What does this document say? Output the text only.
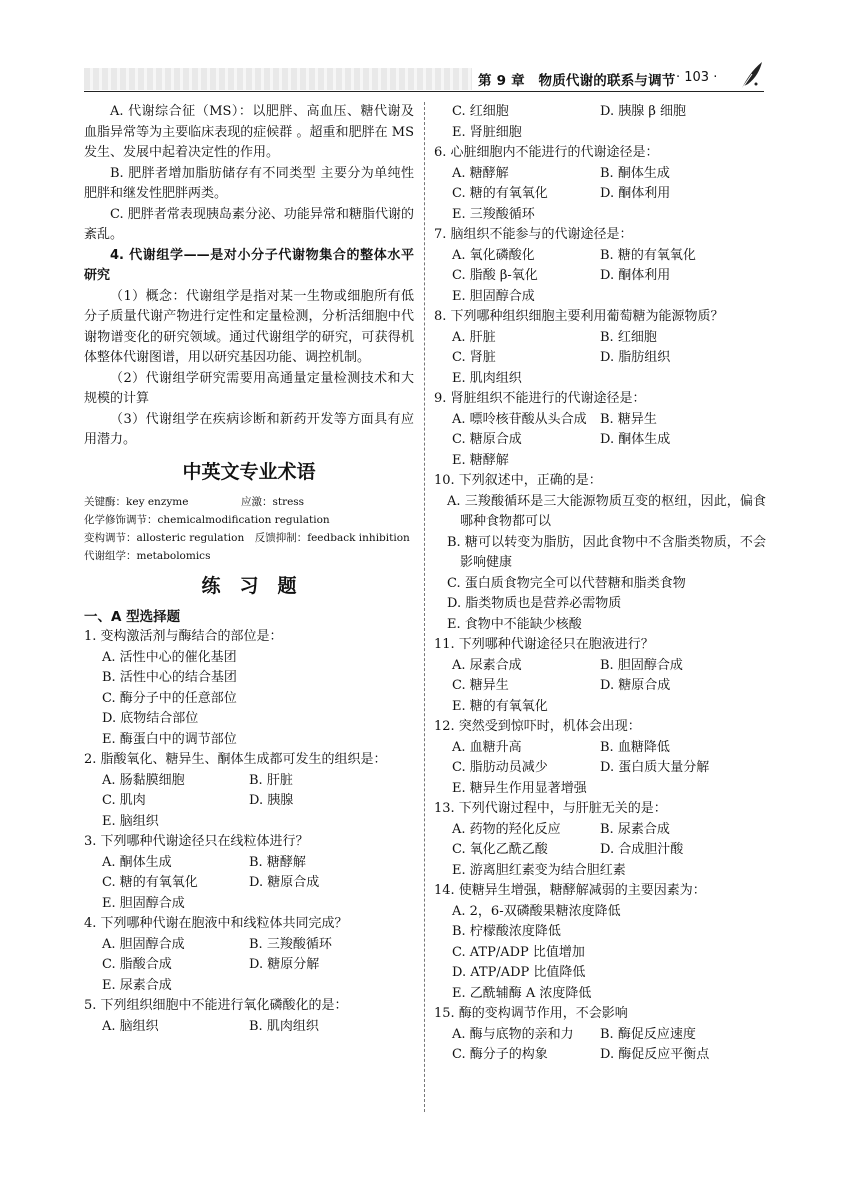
第 9 章　物质代谢的联系与调节 · 103 ·

A. 代谢综合征（MS）：以肥胖、高血压、糖代谢及血脂异常等为主要临床表现的症候群 。超重和肥胖在 MS 发生、发展中起着决定性的作用。

B. 肥胖者增加脂肪储存有不同类型 主要分为单纯性肥胖和继发性肥胖两类。

C. 肥胖者常表现胰岛素分泌、功能异常和糖脂代谢的紊乱。

4. 代谢组学——是对小分子代谢物集合的整体水平研究

（1）概念：代谢组学是指对某一生物或细胞所有低分子质量代谢产物进行定性和定量检测，分析活细胞中代谢物谱变化的研究领域。通过代谢组学的研究，可获得机体整体代谢图谱，用以研究基因功能、调控机制。

（2）代谢组学研究需要用高通量定量检测技术和大规模的计算

（3）代谢组学在疾病诊断和新药开发等方面具有应用潜力。

中英文专业术语

关键酶：key enzyme　　　　　应激：stress

化学修饰调节：chemicalmodification regulation

变构调节：allosteric regulation　反馈抑制：feedback inhibition

代谢组学：metabolomics

练　习　题

一、A 型选择题

1. 变构激活剂与酶结合的部位是：

A. 活性中心的催化基团
B. 活性中心的结合基团
C. 酶分子中的任意部位
D. 底物结合部位
E. 酶蛋白中的调节部位

2. 脂酸氧化、糖异生、酮体生成都可发生的组织是：

A. 肠黏膜细胞	B. 肝脏
C. 肌肉	D. 胰腺
E. 脑组织

3. 下列哪种代谢途径只在线粒体进行？

A. 酮体生成	B. 糖酵解
C. 糖的有氧氧化	D. 糖原合成
E. 胆固醇合成

4. 下列哪种代谢在胞液中和线粒体共同完成？

A. 胆固醇合成	B. 三羧酸循环
C. 脂酸合成	D. 糖原分解
E. 尿素合成

5. 下列组织细胞中不能进行氧化磷酸化的是：

A. 脑组织	B. 肌肉组织
C. 红细胞	D. 胰腺 β 细胞
E. 肾脏细胞

6. 心脏细胞内不能进行的代谢途径是：

A. 糖酵解	B. 酮体生成
C. 糖的有氧氧化	D. 酮体利用
E. 三羧酸循环

7. 脑组织不能参与的代谢途径是：

A. 氧化磷酸化	B. 糖的有氧氧化
C. 脂酸 β-氧化	D. 酮体利用
E. 胆固醇合成

8. 下列哪种组织细胞主要利用葡萄糖为能源物质？

A. 肝脏	B. 红细胞
C. 肾脏	D. 脂肪组织
E. 肌肉组织

9. 肾脏组织不能进行的代谢途径是：

A. 嘌呤核苷酸从头合成	B. 糖异生
C. 糖原合成	D. 酮体生成
E. 糖酵解

10. 下列叙述中，正确的是：

A. 三羧酸循环是三大能源物质互变的枢纽，因此，偏食哪种食物都可以
B. 糖可以转变为脂肪，因此食物中不含脂类物质，不会影响健康
C. 蛋白质食物完全可以代替糖和脂类食物
D. 脂类物质也是营养必需物质
E. 食物中不能缺少核酸

11. 下列哪种代谢途径只在胞液进行？

A. 尿素合成	B. 胆固醇合成
C. 糖异生	D. 糖原合成
E. 糖的有氧氧化

12. 突然受到惊吓时，机体会出现：

A. 血糖升高	B. 血糖降低
C. 脂肪动员减少	D. 蛋白质大量分解
E. 糖异生作用显著增强

13. 下列代谢过程中，与肝脏无关的是：

A. 药物的羟化反应	B. 尿素合成
C. 氧化乙酰乙酸	D. 合成胆汁酸
E. 游离胆红素变为结合胆红素

14. 使糖异生增强，糖酵解减弱的主要因素为：

A. 2，6-双磷酸果糖浓度降低
B. 柠檬酸浓度降低
C. ATP/ADP 比值增加
D. ATP/ADP 比值降低
E. 乙酰辅酶 A 浓度降低

15. 酶的变构调节作用，不会影响

A. 酶与底物的亲和力	B. 酶促反应速度
C. 酶分子的构象	D. 酶促反应平衡点
